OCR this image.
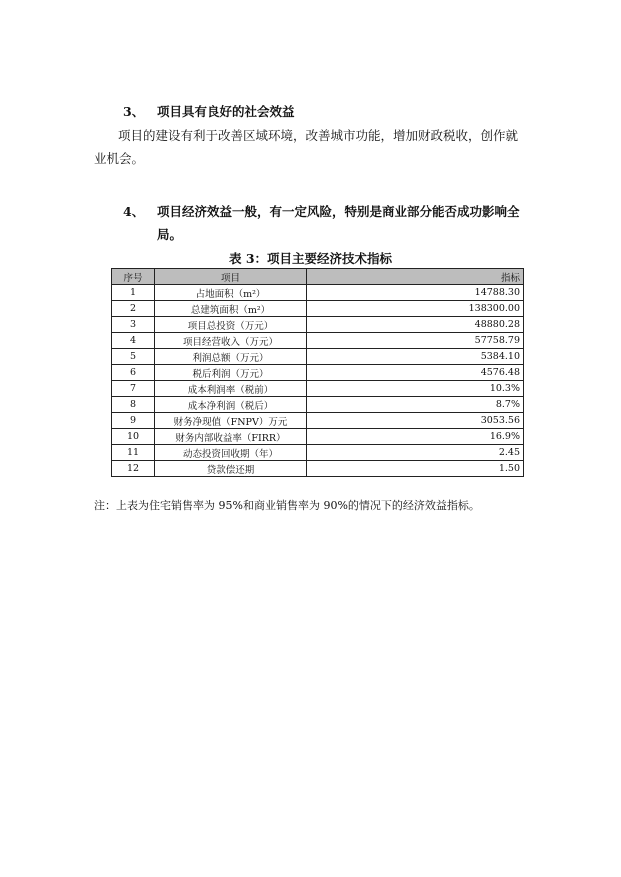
3、	项目具有良好的社会效益
项目的建设有利于改善区域环境，改善城市功能，增加财政税收，创作就
业机会。
4、	项目经济效益一般，有一定风险，特别是商业部分能否成功影响全
局。
表 3：项目主要经济技术指标
序号	项目	指标
1	占地面积（m²）	14788.30
2	总建筑面积（m²）	138300.00
3	项目总投资（万元）	48880.28
4	项目经营收入（万元）	57758.79
5	利润总额（万元）	5384.10
6	税后利润（万元）	4576.48
7	成本利润率（税前）	10.3%
8	成本净利润（税后）	8.7%
9	财务净现值（FNPV）万元	3053.56
10	财务内部收益率（FIRR）	16.9%
11	动态投资回收期（年）	2.45
12	贷款偿还期	1.50
注：上表为住宅销售率为 95%和商业销售率为 90%的情况下的经济效益指标。
